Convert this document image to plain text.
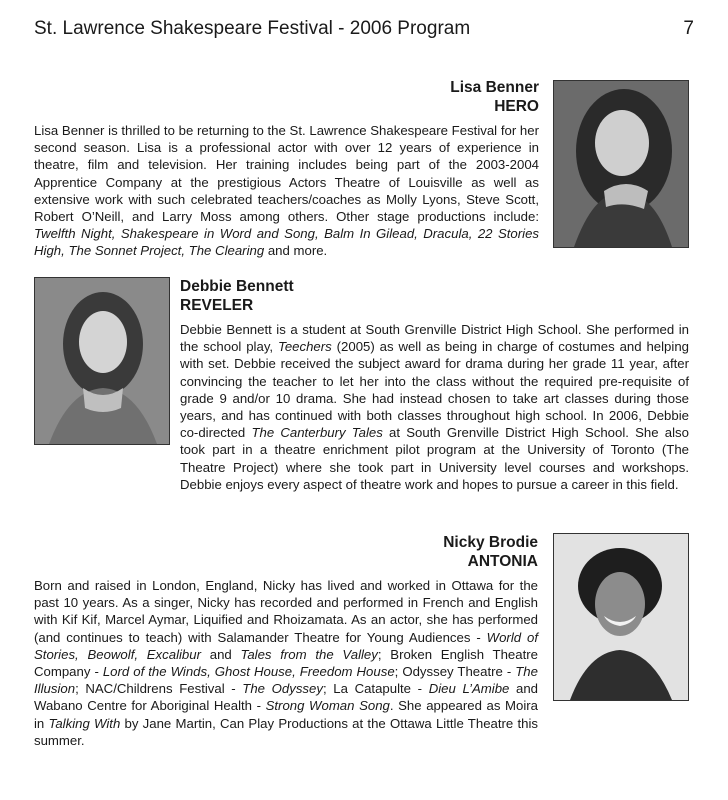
St. Lawrence Shakespeare Festival - 2006 Program	7
Lisa Benner
HERO
Lisa Benner is thrilled to be returning to the St. Lawrence Shakespeare Festival for her second season. Lisa is a professional actor with over 12 years of experience in theatre, film and television. Her training includes being part of the 2003-2004 Apprentice Company at the prestigious Actors Theatre of Louisville as well as extensive work with such celebrated teachers/coaches as Molly Lyons, Steve Scott, Robert O’Neill, and Larry Moss among others. Other stage productions include: Twelfth Night, Shakespeare in Word and Song, Balm In Gilead, Dracula, 22 Stories High, The Sonnet Project, The Clearing and more.
Debbie Bennett
REVELER
Debbie Bennett is a student at South Grenville District High School. She performed in the school play, Teechers (2005) as well as being in charge of costumes and helping with set. Debbie received the subject award for drama during her grade 11 year, after convincing the teacher to let her into the class without the required pre-requisite of grade 9 and/or 10 drama. She had instead chosen to take art classes during those years, and has continued with both classes throughout high school. In 2006, Debbie co-directed The Canterbury Tales at South Grenville District High School. She also took part in a theatre enrichment pilot program at the University of Toronto (The Theatre Project) where she took part in University level courses and workshops. Debbie enjoys every aspect of theatre work and hopes to pursue a career in this field.
Nicky Brodie
ANTONIA
Born and raised in London, England, Nicky has lived and worked in Ottawa for the past 10 years. As a singer, Nicky has recorded and performed in French and English with Kif Kif, Marcel Aymar, Liquified and Rhoizamata. As an actor, she has performed (and continues to teach) with Salamander Theatre for Young Audiences - World of Stories, Beowolf, Excalibur and Tales from the Valley; Broken English Theatre Company - Lord of the Winds, Ghost House, Freedom House; Odyssey Theatre - The Illusion; NAC/Childrens Festival - The Odyssey; La Catapulte - Dieu L’Amibe and Wabano Centre for Aboriginal Health - Strong Woman Song. She appeared as Moira in Talking With by Jane Martin, Can Play Productions at the Ottawa Little Theatre this summer.
